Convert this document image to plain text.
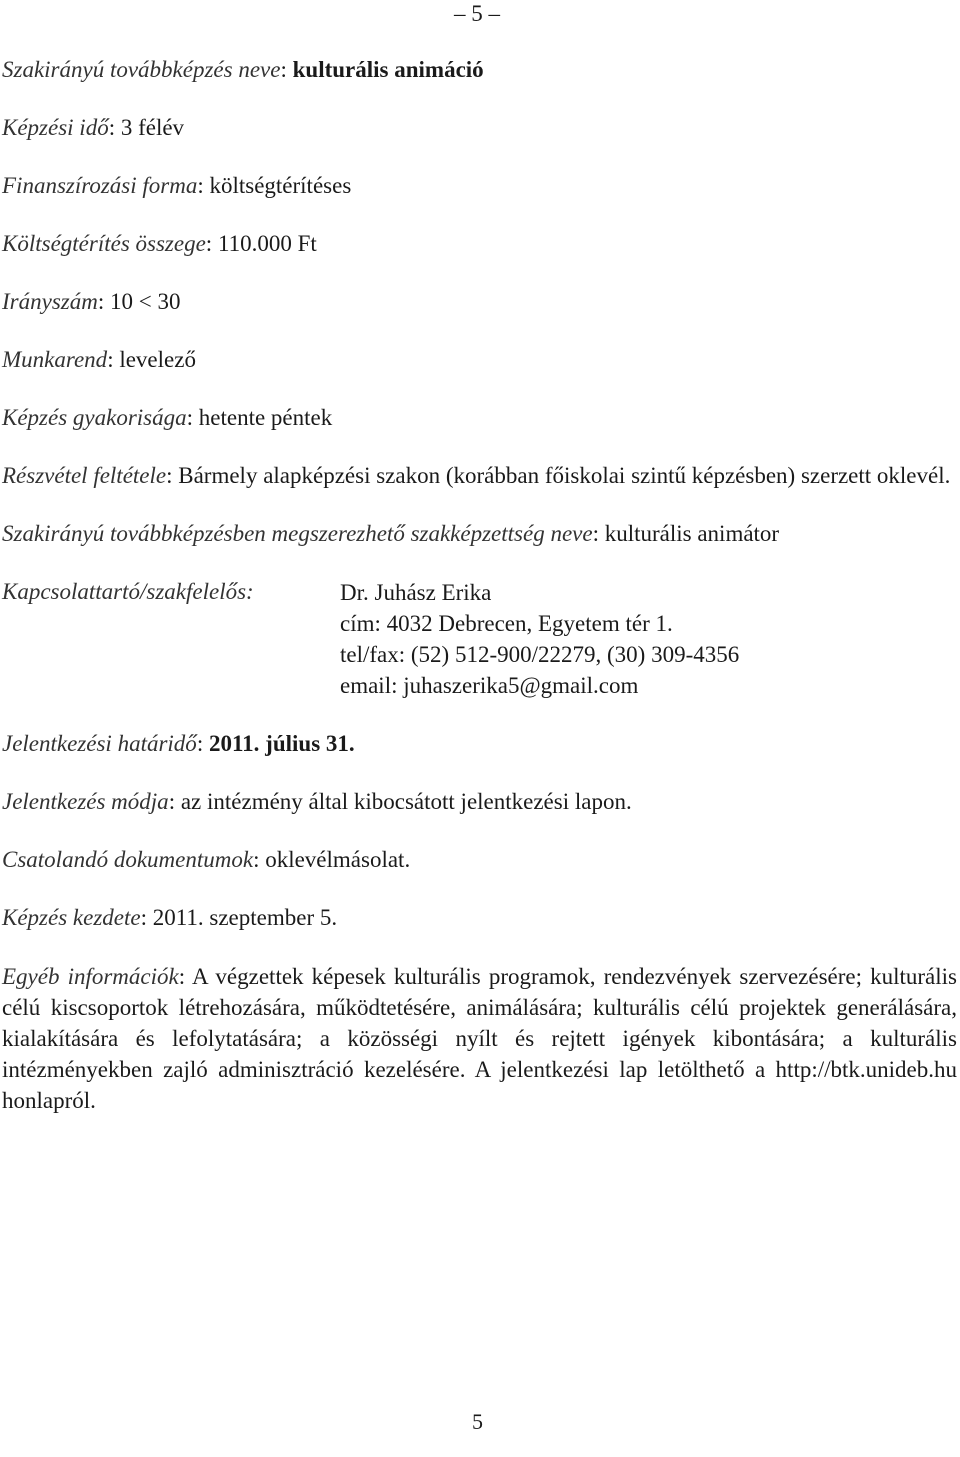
– 5 –

Szakirányú továbbképzés neve: kulturális animáció

Képzési idő: 3 félév

Finanszírozási forma: költségtérítéses

Költségtérítés összege: 110.000 Ft

Irányszám: 10 < 30

Munkarend: levelező

Képzés gyakorisága: hetente péntek

Részvétel feltétele: Bármely alapképzési szakon (korábban főiskolai szintű képzésben) szerzett oklevél.

Szakirányú továbbképzésben megszerezhető szakképzettség neve: kulturális animátor

Kapcsolattartó/szakfelelős:	Dr. Juhász Erika
cím: 4032 Debrecen, Egyetem tér 1.
tel/fax: (52) 512-900/22279, (30) 309-4356
email: juhaszerika5@gmail.com

Jelentkezési határidő: 2011. július 31.

Jelentkezés módja: az intézmény által kibocsátott jelentkezési lapon.

Csatolandó dokumentumok: oklevélmásolat.

Képzés kezdete: 2011. szeptember 5.

Egyéb információk: A végzettek képesek kulturális programok, rendezvények szervezésére; kulturális célú kiscsoportok létrehozására, működtetésére, animálására; kulturális célú projektek generálására, kialakítására és lefolytatására; a közösségi nyílt és rejtett igények kibontására; a kulturális intézményekben zajló adminisztráció kezelésére. A jelentkezési lap letölthető a http://btk.unideb.hu honlapról.

5
